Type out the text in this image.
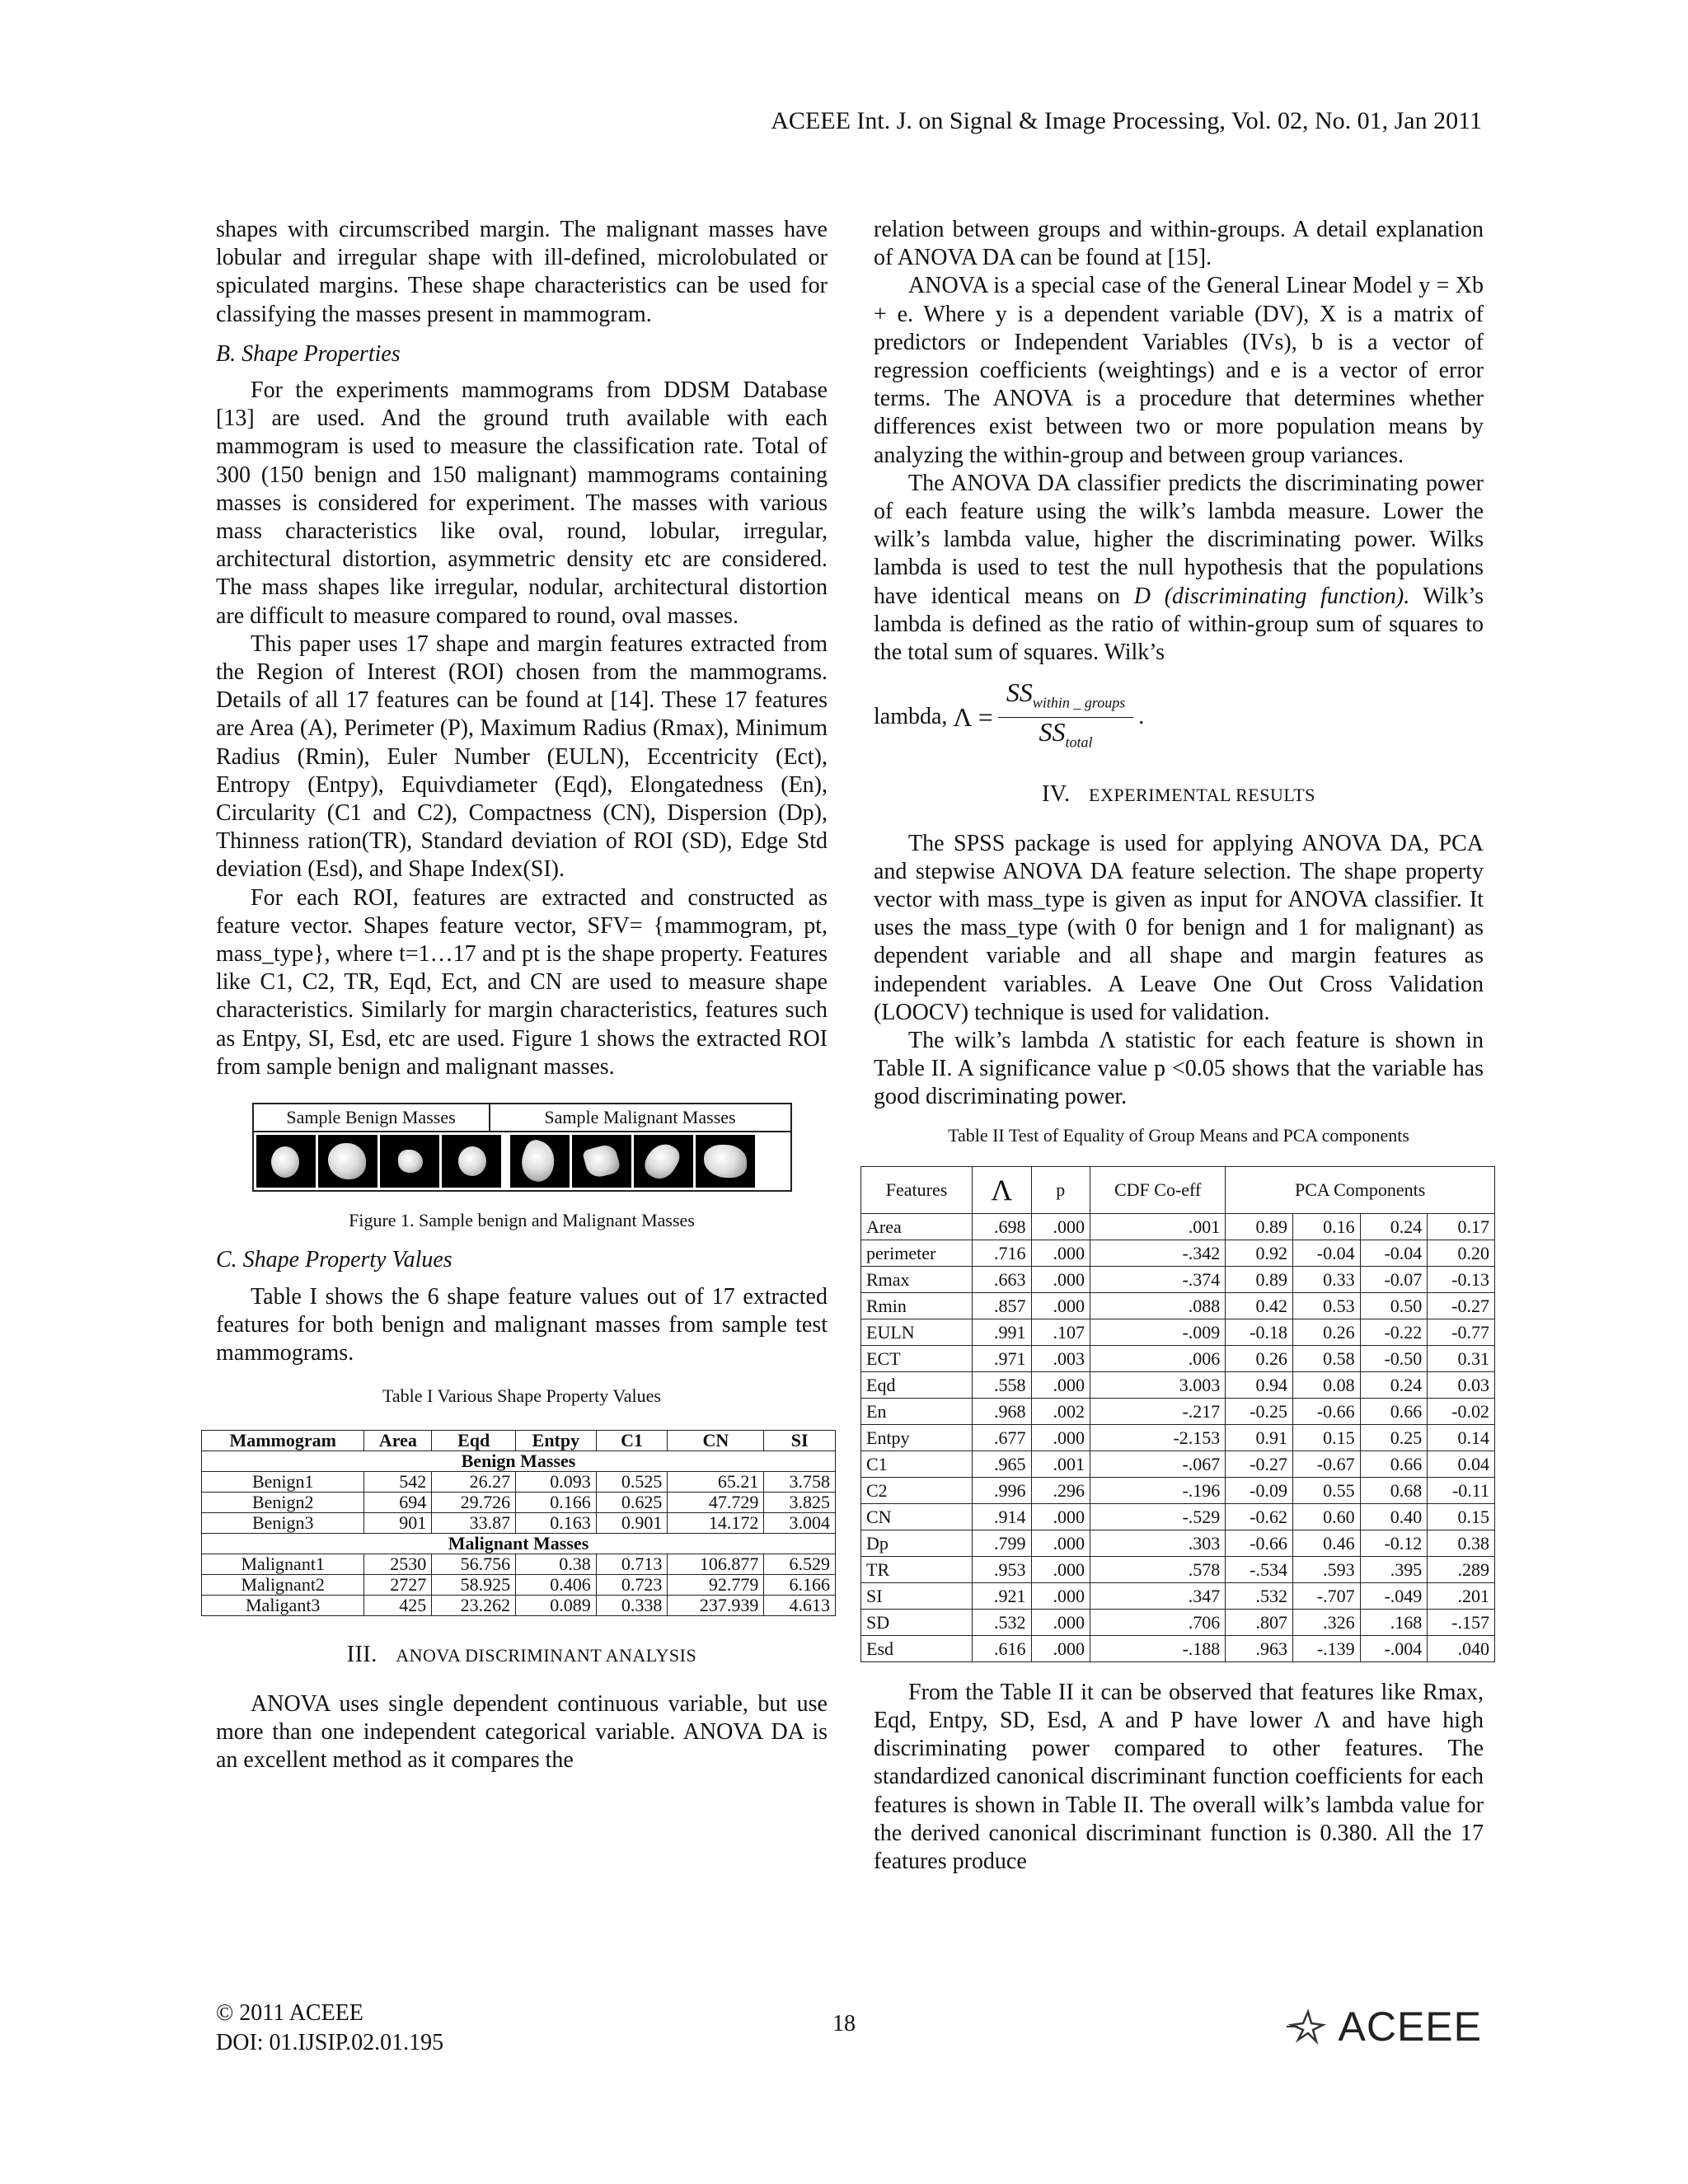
ACEEE Int. J. on Signal & Image Processing, Vol. 02, No. 01, Jan 2011

shapes with circumscribed margin. The malignant masses have lobular and irregular shape with ill-defined, microlobulated or spiculated margins. These shape characteristics can be used for classifying the masses present in mammogram.

B. Shape Properties

For the experiments mammograms from DDSM Database [13] are used. And the ground truth available with each mammogram is used to measure the classification rate. Total of 300 (150 benign and 150 malignant) mammograms containing masses is considered for experiment. The masses with various mass characteristics like oval, round, lobular, irregular, architectural distortion, asymmetric density etc are considered. The mass shapes like irregular, nodular, architectural distortion are difficult to measure compared to round, oval masses.

This paper uses 17 shape and margin features extracted from the Region of Interest (ROI) chosen from the mammograms. Details of all 17 features can be found at [14]. These 17 features are Area (A), Perimeter (P), Maximum Radius (Rmax), Minimum Radius (Rmin), Euler Number (EULN), Eccentricity (Ect), Entropy (Entpy), Equivdiameter (Eqd), Elongatedness (En), Circularity (C1 and C2), Compactness (CN), Dispersion (Dp), Thinness ration(TR), Standard deviation of ROI (SD), Edge Std deviation (Esd), and Shape Index(SI).

For each ROI, features are extracted and constructed as feature vector. Shapes feature vector, SFV= {mammogram, pt, mass_type}, where t=1…17 and pt is the shape property. Features like C1, C2, TR, Eqd, Ect, and CN are used to measure shape characteristics. Similarly for margin characteristics, features such as Entpy, SI, Esd, etc are used. Figure 1 shows the extracted ROI from sample benign and malignant masses.

Sample Benign Masses	Sample Malignant Masses
Figure 1. Sample benign and Malignant Masses
C. Shape Property Values

Table I shows the 6 shape feature values out of 17 extracted features for both benign and malignant masses from sample test mammograms.

Table I Various Shape Property Values
Mammogram	Area	Eqd	Entpy	C1	CN	SI
Benign Masses						
Benign1	542	26.27	0.093	0.525	65.21	3.758
Benign2	694	29.726	0.166	0.625	47.729	3.825
Benign3	901	33.87	0.163	0.901	14.172	3.004
Malignant Masses						
Malignant1	2530	56.756	0.38	0.713	106.877	6.529
Malignant2	2727	58.925	0.406	0.723	92.779	6.166
Maligant3	425	23.262	0.089	0.338	237.939	4.613
III. ANOVA DISCRIMINANT ANALYSIS

ANOVA uses single dependent continuous variable, but use more than one independent categorical variable. ANOVA DA is an excellent method as it compares the

relation between groups and within-groups. A detail explanation of ANOVA DA can be found at [15].

ANOVA is a special case of the General Linear Model y = Xb + e. Where y is a dependent variable (DV), X is a matrix of predictors or Independent Variables (IVs), b is a vector of regression coefficients (weightings) and e is a vector of error terms. The ANOVA is a procedure that determines whether differences exist between two or more population means by analyzing the within-group and between group variances.

The ANOVA DA classifier predicts the discriminating power of each feature using the wilk’s lambda measure. Lower the wilk’s lambda value, higher the discriminating power. Wilks lambda is used to test the null hypothesis that the populations have identical means on D (discriminating function). Wilk’s lambda is defined as the ratio of within-group sum of squares to the total sum of squares. Wilk’s

lambda,
$\Lambda = \frac{SS_{within \_ groups}}{SS_{total}}$ .
IV. EXPERIMENTAL RESULTS

The SPSS package is used for applying ANOVA DA, PCA and stepwise ANOVA DA feature selection. The shape property vector with mass_type is given as input for ANOVA classifier. It uses the mass_type (with 0 for benign and 1 for malignant) as dependent variable and all shape and margin features as independent variables. A Leave One Out Cross Validation (LOOCV) technique is used for validation.

The wilk’s lambda Λ statistic for each feature is shown in Table II. A significance value p <0.05 shows that the variable has good discriminating power.

Table II Test of Equality of Group Means and PCA components
Features	Λ	p	CDF Co-eff	PCA Components			
Area	.698	.000	.001	0.89	0.16	0.24	0.17
perimeter	.716	.000	-.342	0.92	-0.04	-0.04	0.20
Rmax	.663	.000	-.374	0.89	0.33	-0.07	-0.13
Rmin	.857	.000	.088	0.42	0.53	0.50	-0.27
EULN	.991	.107	-.009	-0.18	0.26	-0.22	-0.77
ECT	.971	.003	.006	0.26	0.58	-0.50	0.31
Eqd	.558	.000	3.003	0.94	0.08	0.24	0.03
En	.968	.002	-.217	-0.25	-0.66	0.66	-0.02
Entpy	.677	.000	-2.153	0.91	0.15	0.25	0.14
C1	.965	.001	-.067	-0.27	-0.67	0.66	0.04
C2	.996	.296	-.196	-0.09	0.55	0.68	-0.11
CN	.914	.000	-.529	-0.62	0.60	0.40	0.15
Dp	.799	.000	.303	-0.66	0.46	-0.12	0.38
TR	.953	.000	.578	-.534	.593	.395	.289
SI	.921	.000	.347	.532	-.707	-.049	.201
SD	.532	.000	.706	.807	.326	.168	-.157
Esd	.616	.000	-.188	.963	-.139	-.004	.040

From the Table II it can be observed that features like Rmax, Eqd, Entpy, SD, Esd, A and P have lower Λ and have high discriminating power compared to other features. The standardized canonical discriminant function coefficients for each features is shown in Table II. The overall wilk’s lambda value for the derived canonical discriminant function is 0.380. All the 17 features produce

18
© 2011 ACEEE
DOI: 01.IJSIP.02.01.195	ACEEE
